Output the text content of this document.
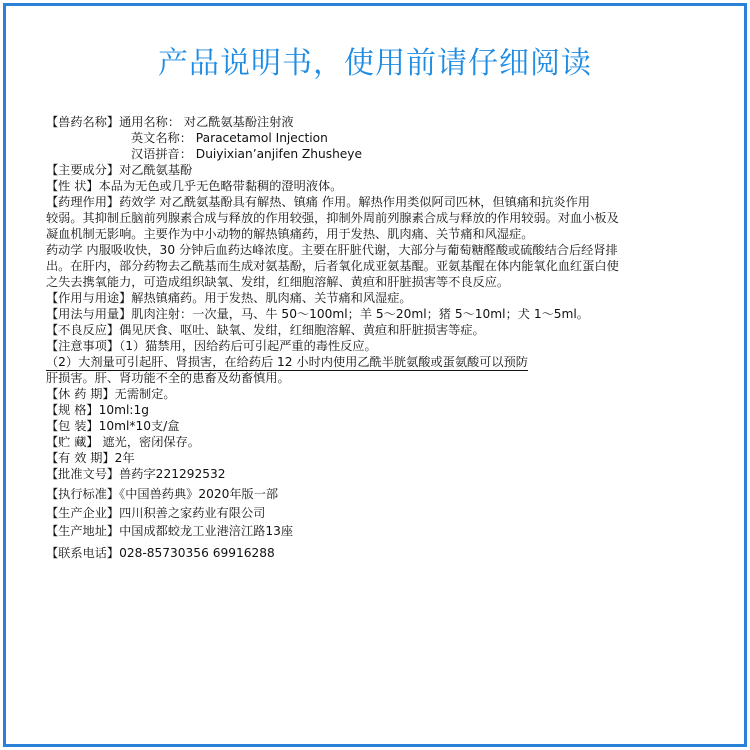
产品说明书，使用前请仔细阅读
【兽药名称】通用名称： 对乙酰氨基酚注射液
英文名称： Paracetamol Injection
汉语拼音： Duiyixian’anjifen Zhusheye
【主要成分】对乙酰氨基酚
【性 状】本品为无色或几乎无色略带黏稠的澄明液体。
【药理作用】药效学 对乙酰氨基酚具有解热、镇痛 作用。解热作用类似阿司匹林，但镇痛和抗炎作用
较弱。其抑制丘脑前列腺素合成与释放的作用较强，抑制外周前列腺素合成与释放的作用较弱。对血小板及
凝血机制无影响。主要作为中小动物的解热镇痛药，用于发热、肌肉痛、关节痛和风湿症。
药动学 内服吸收快，30 分钟后血药达峰浓度。主要在肝脏代谢，大部分与葡萄糖醛酸或硫酸结合后经肾排
出。在肝内，部分药物去乙酰基而生成对氨基酚，后者氧化成亚氨基醌。亚氨基醌在体内能氧化血红蛋白使
之失去携氧能力，可造成组织缺氧、发绀，红细胞溶解、黄疸和肝脏损害等不良反应。
【作用与用途】解热镇痛药。用于发热、肌肉痛、关节痛和风湿症。
【用法与用量】肌肉注射：一次量，马、牛 50～100ml；羊 5～20ml；猪 5～10ml；犬 1～5ml。
【不良反应】偶见厌食、呕吐、缺氧、发绀，红细胞溶解、黄疸和肝脏损害等症。
【注意事项】（1）猫禁用，因给药后可引起严重的毒性反应。
（2）大剂量可引起肝、肾损害，在给药后 12 小时内使用乙酰半胱氨酸或蛋氨酸可以预防
肝损害。肝、肾功能不全的患畜及幼畜慎用。
【休 药 期】无需制定。
【规 格】10ml:1g
【包 装】10ml*10支/盒
【贮 藏】 遮光，密闭保存。
【有 效 期】2年
【批准文号】兽药字221292532
【执行标准】《中国兽药典》2020年版一部
【生产企业】四川积善之家药业有限公司
【生产地址】中国成都蛟龙工业港涪江路13座
【联系电话】028-85730356 69916288
